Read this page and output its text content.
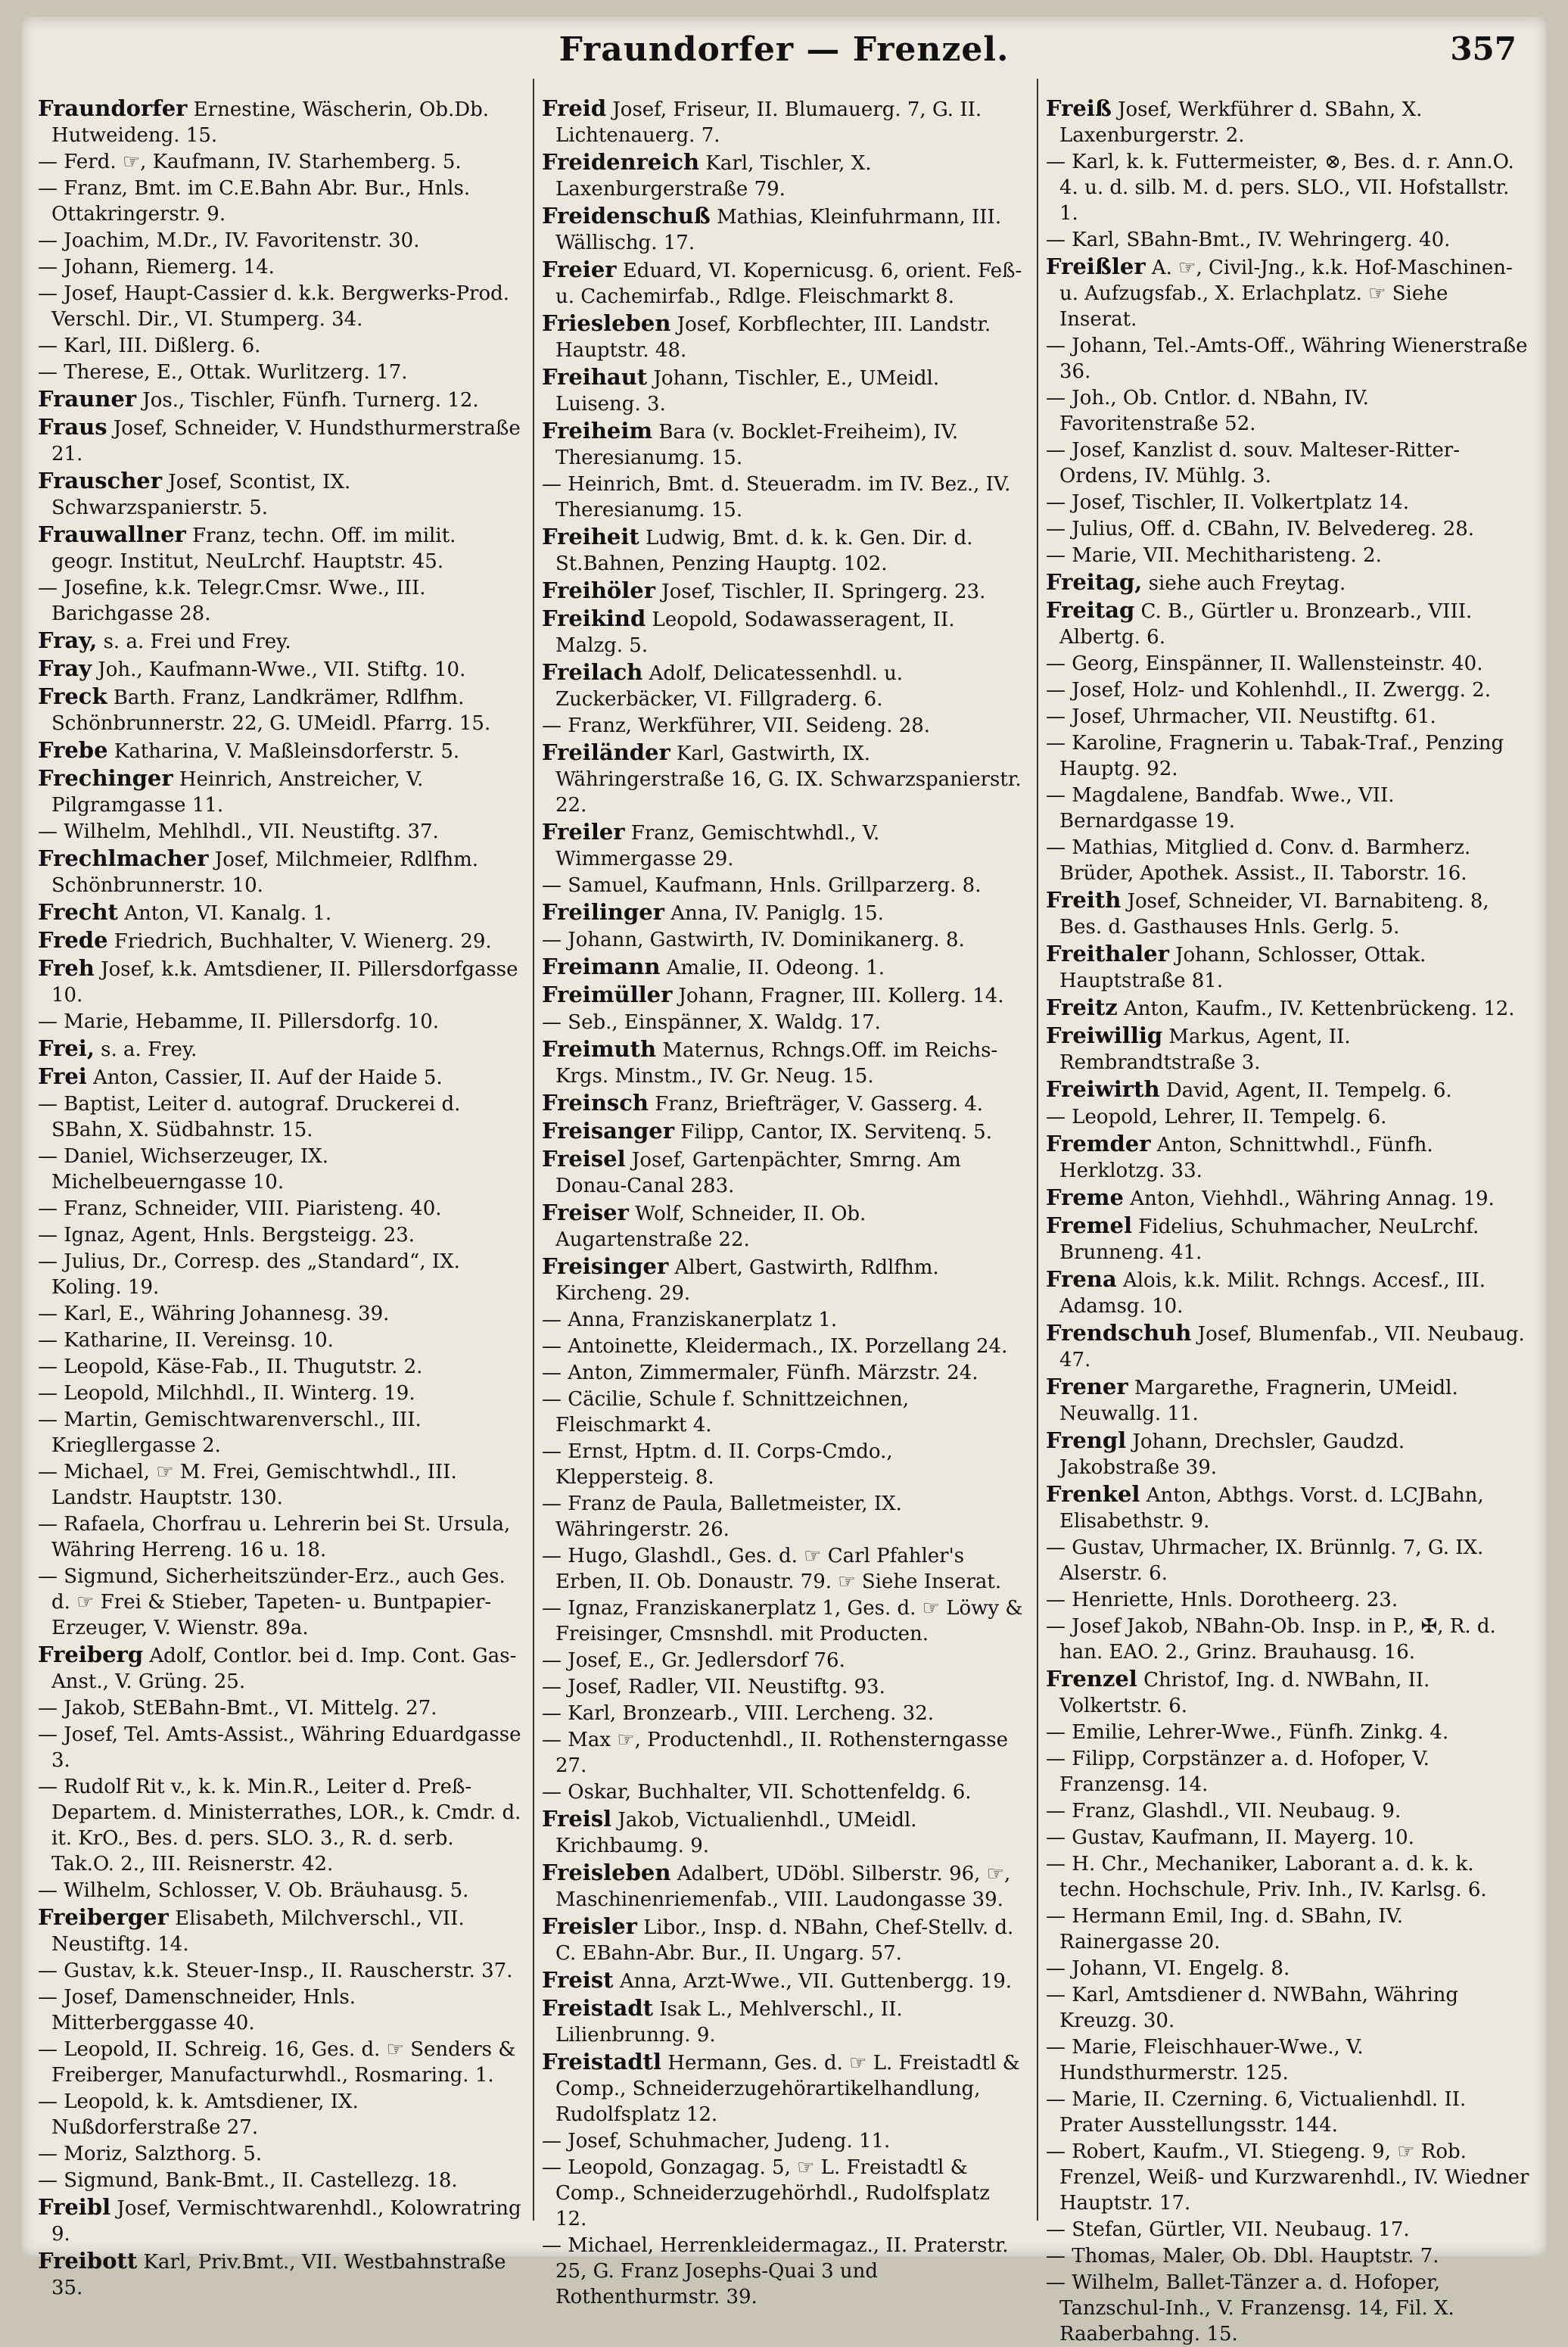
Fraundorfer — Frenzel.	357
Fraundorfer Ernestine, Wäscherin, Ob.Db. Hutweideng. 15.
— Ferd. ☞, Kaufmann, IV. Starhemberg. 5.
— Franz, Bmt. im C.E.Bahn Abr. Bur., Hnls. Ottakringerstr. 9.
— Joachim, M.Dr., IV. Favoritenstr. 30.
— Johann, Riemerg. 14.
— Josef, Haupt-Cassier d. k.k. Bergwerks-Prod. Verschl. Dir., VI. Stumperg. 34.
— Karl, III. Dißlerg. 6.
— Therese, E., Ottak. Wurlitzerg. 17.
Frauner Jos., Tischler, Fünfh. Turnerg. 12.
Fraus Josef, Schneider, V. Hundsthurmerstraße 21.
Frauscher Josef, Scontist, IX. Schwarzspanierstr. 5.
Frauwallner Franz, techn. Off. im milit. geogr. Institut, NeuLrchf. Hauptstr. 45.
— Josefine, k.k. Telegr.Cmsr. Wwe., III. Barichgasse 28.
Fray, s. a. Frei und Frey.
Fray Joh., Kaufmann-Wwe., VII. Stiftg. 10.
Freck Barth. Franz, Landkrämer, Rdlfhm. Schönbrunnerstr. 22, G. UMeidl. Pfarrg. 15.
Frebe Katharina, V. Maßleinsdorferstr. 5.
Frechinger Heinrich, Anstreicher, V. Pilgramgasse 11.
— Wilhelm, Mehlhdl., VII. Neustiftg. 37.
Frechlmacher Josef, Milchmeier, Rdlfhm. Schönbrunnerstr. 10.
Frecht Anton, VI. Kanalg. 1.
Frede Friedrich, Buchhalter, V. Wienerg. 29.
Freh Josef, k.k. Amtsdiener, II. Pillersdorfgasse 10.
— Marie, Hebamme, II. Pillersdorfg. 10.
Frei, s. a. Frey.
Frei Anton, Cassier, II. Auf der Haide 5.
— Baptist, Leiter d. autograf. Druckerei d. SBahn, X. Südbahnstr. 15.
— Daniel, Wichserzeuger, IX. Michelbeuerngasse 10.
— Franz, Schneider, VIII. Piaristeng. 40.
— Ignaz, Agent, Hnls. Bergsteigg. 23.
— Julius, Dr., Corresp. des „Standard“, IX. Koling. 19.
— Karl, E., Währing Johannesg. 39.
— Katharine, II. Vereinsg. 10.
— Leopold, Käse-Fab., II. Thugutstr. 2.
— Leopold, Milchhdl., II. Winterg. 19.
— Martin, Gemischtwarenverschl., III. Kriegllergasse 2.
— Michael, ☞ M. Frei, Gemischtwhdl., III. Landstr. Hauptstr. 130.
— Rafaela, Chorfrau u. Lehrerin bei St. Ursula, Währing Herreng. 16 u. 18.
— Sigmund, Sicherheitszünder-Erz., auch Ges. d. ☞ Frei & Stieber, Tapeten- u. Buntpapier-Erzeuger, V. Wienstr. 89a.
Freiberg Adolf, Contlor. bei d. Imp. Cont. Gas-Anst., V. Grüng. 25.
— Jakob, StEBahn-Bmt., VI. Mittelg. 27.
— Josef, Tel. Amts-Assist., Währing Eduardgasse 3.
— Rudolf Rit v., k. k. Min.R., Leiter d. Preß-Departem. d. Ministerrathes, LOR., k. Cmdr. d. it. KrO., Bes. d. pers. SLO. 3., R. d. serb. Tak.O. 2., III. Reisnerstr. 42.
— Wilhelm, Schlosser, V. Ob. Bräuhausg. 5.
Freiberger Elisabeth, Milchverschl., VII. Neustiftg. 14.
— Gustav, k.k. Steuer-Insp., II. Rauscherstr. 37.
— Josef, Damenschneider, Hnls. Mitterberggasse 40.
— Leopold, II. Schreig. 16, Ges. d. ☞ Senders & Freiberger, Manufacturwhdl., Rosmaring. 1.
— Leopold, k. k. Amtsdiener, IX. Nußdorferstraße 27.
— Moriz, Salzthorg. 5.
— Sigmund, Bank-Bmt., II. Castellezg. 18.
Freibl Josef, Vermischtwarenhdl., Kolowratring 9.
Freibott Karl, Priv.Bmt., VII. Westbahnstraße 35.
Freid Josef, Friseur, II. Blumauerg. 7, G. II. Lichtenauerg. 7.
Freidenreich Karl, Tischler, X. Laxenburgerstraße 79.
Freidenschuß Mathias, Kleinfuhrmann, III. Wällischg. 17.
Freier Eduard, VI. Kopernicusg. 6, orient. Feß-u. Cachemirfab., Rdlge. Fleischmarkt 8.
Friesleben Josef, Korbflechter, III. Landstr. Hauptstr. 48.
Freihaut Johann, Tischler, E., UMeidl. Luiseng. 3.
Freiheim Bara (v. Bocklet-Freiheim), IV. Theresianumg. 15.
— Heinrich, Bmt. d. Steueradm. im IV. Bez., IV. Theresianumg. 15.
Freiheit Ludwig, Bmt. d. k. k. Gen. Dir. d. St.Bahnen, Penzing Hauptg. 102.
Freihöler Josef, Tischler, II. Springerg. 23.
Freikind Leopold, Sodawasseragent, II. Malzg. 5.
Freilach Adolf, Delicatessenhdl. u. Zuckerbäcker, VI. Fillgraderg. 6.
— Franz, Werkführer, VII. Seideng. 28.
Freiländer Karl, Gastwirth, IX. Währingerstraße 16, G. IX. Schwarzspanierstr. 22.
Freiler Franz, Gemischtwhdl., V. Wimmergasse 29.
— Samuel, Kaufmann, Hnls. Grillparzerg. 8.
Freilinger Anna, IV. Paniglg. 15.
— Johann, Gastwirth, IV. Dominikanerg. 8.
Freimann Amalie, II. Odeong. 1.
Freimüller Johann, Fragner, III. Kollerg. 14.
— Seb., Einspänner, X. Waldg. 17.
Freimuth Maternus, Rchngs.Off. im Reichs-Krgs. Minstm., IV. Gr. Neug. 15.
Freinsch Franz, Briefträger, V. Gasserg. 4.
Freisanger Filipp, Cantor, IX. Servitenq. 5.
Freisel Josef, Gartenpächter, Smrng. Am Donau-Canal 283.
Freiser Wolf, Schneider, II. Ob. Augartenstraße 22.
Freisinger Albert, Gastwirth, Rdlfhm. Kircheng. 29.
— Anna, Franziskanerplatz 1.
— Antoinette, Kleidermach., IX. Porzellang 24.
— Anton, Zimmermaler, Fünfh. Märzstr. 24.
— Cäcilie, Schule f. Schnittzeichnen, Fleischmarkt 4.
— Ernst, Hptm. d. II. Corps-Cmdo., Kleppersteig. 8.
— Franz de Paula, Balletmeister, IX. Währingerstr. 26.
— Hugo, Glashdl., Ges. d. ☞ Carl Pfahler's Erben, II. Ob. Donaustr. 79. ☞ Siehe Inserat.
— Ignaz, Franziskanerplatz 1, Ges. d. ☞ Löwy & Freisinger, Cmsnshdl. mit Producten.
— Josef, E., Gr. Jedlersdorf 76.
— Josef, Radler, VII. Neustiftg. 93.
— Karl, Bronzearb., VIII. Lercheng. 32.
— Max ☞, Productenhdl., II. Rothensterngasse 27.
— Oskar, Buchhalter, VII. Schottenfeldg. 6.
Freisl Jakob, Victualienhdl., UMeidl. Krichbaumg. 9.
Freisleben Adalbert, UDöbl. Silberstr. 96, ☞, Maschinenriemenfab., VIII. Laudongasse 39.
Freisler Libor., Insp. d. NBahn, Chef-Stellv. d. C. EBahn-Abr. Bur., II. Ungarg. 57.
Freist Anna, Arzt-Wwe., VII. Guttenbergg. 19.
Freistadt Isak L., Mehlverschl., II. Lilienbrunng. 9.
Freistadtl Hermann, Ges. d. ☞ L. Freistadtl & Comp., Schneiderzugehörartikelhandlung, Rudolfsplatz 12.
— Josef, Schuhmacher, Judeng. 11.
— Leopold, Gonzagag. 5, ☞ L. Freistadtl & Comp., Schneiderzugehörhdl., Rudolfsplatz 12.
— Michael, Herrenkleidermagaz., II. Praterstr. 25, G. Franz Josephs-Quai 3 und Rothenthurmstr. 39.
Freiß Josef, Werkführer d. SBahn, X. Laxenburgerstr. 2.
— Karl, k. k. Futtermeister, ⊗, Bes. d. r. Ann.O. 4. u. d. silb. M. d. pers. SLO., VII. Hofstallstr. 1.
— Karl, SBahn-Bmt., IV. Wehringerg. 40.
Freißler A. ☞, Civil-Jng., k.k. Hof-Maschinen- u. Aufzugsfab., X. Erlachplatz. ☞ Siehe Inserat.
— Johann, Tel.-Amts-Off., Währing Wienerstraße 36.
— Joh., Ob. Cntlor. d. NBahn, IV. Favoritenstraße 52.
— Josef, Kanzlist d. souv. Malteser-Ritter-Ordens, IV. Mühlg. 3.
— Josef, Tischler, II. Volkertplatz 14.
— Julius, Off. d. CBahn, IV. Belvedereg. 28.
— Marie, VII. Mechitharisteng. 2.
Freitag, siehe auch Freytag.
Freitag C. B., Gürtler u. Bronzearb., VIII. Albertg. 6.
— Georg, Einspänner, II. Wallensteinstr. 40.
— Josef, Holz- und Kohlenhdl., II. Zwergg. 2.
— Josef, Uhrmacher, VII. Neustiftg. 61.
— Karoline, Fragnerin u. Tabak-Traf., Penzing Hauptg. 92.
— Magdalene, Bandfab. Wwe., VII. Bernardgasse 19.
— Mathias, Mitglied d. Conv. d. Barmherz. Brüder, Apothek. Assist., II. Taborstr. 16.
Freith Josef, Schneider, VI. Barnabiteng. 8, Bes. d. Gasthauses Hnls. Gerlg. 5.
Freithaler Johann, Schlosser, Ottak. Hauptstraße 81.
Freitz Anton, Kaufm., IV. Kettenbrückeng. 12.
Freiwillig Markus, Agent, II. Rembrandtstraße 3.
Freiwirth David, Agent, II. Tempelg. 6.
— Leopold, Lehrer, II. Tempelg. 6.
Fremder Anton, Schnittwhdl., Fünfh. Herklotzg. 33.
Freme Anton, Viehhdl., Währing Annag. 19.
Fremel Fidelius, Schuhmacher, NeuLrchf. Brunneng. 41.
Frena Alois, k.k. Milit. Rchngs. Accesf., III. Adamsg. 10.
Frendschuh Josef, Blumenfab., VII. Neubaug. 47.
Frener Margarethe, Fragnerin, UMeidl. Neuwallg. 11.
Frengl Johann, Drechsler, Gaudzd. Jakobstraße 39.
Frenkel Anton, Abthgs. Vorst. d. LCJBahn, Elisabethstr. 9.
— Gustav, Uhrmacher, IX. Brünnlg. 7, G. IX. Alserstr. 6.
— Henriette, Hnls. Dorotheerg. 23.
— Josef Jakob, NBahn-Ob. Insp. in P., ✠, R. d. han. EAO. 2., Grinz. Brauhausg. 16.
Frenzel Christof, Ing. d. NWBahn, II. Volkertstr. 6.
— Emilie, Lehrer-Wwe., Fünfh. Zinkg. 4.
— Filipp, Corpstänzer a. d. Hofoper, V. Franzensg. 14.
— Franz, Glashdl., VII. Neubaug. 9.
— Gustav, Kaufmann, II. Mayerg. 10.
— H. Chr., Mechaniker, Laborant a. d. k. k. techn. Hochschule, Priv. Inh., IV. Karlsg. 6.
— Hermann Emil, Ing. d. SBahn, IV. Rainergasse 20.
— Johann, VI. Engelg. 8.
— Karl, Amtsdiener d. NWBahn, Währing Kreuzg. 30.
— Marie, Fleischhauer-Wwe., V. Hundsthurmerstr. 125.
— Marie, II. Czerning. 6, Victualienhdl. II. Prater Ausstellungsstr. 144.
— Robert, Kaufm., VI. Stiegeng. 9, ☞ Rob. Frenzel, Weiß- und Kurzwarenhdl., IV. Wiedner Hauptstr. 17.
— Stefan, Gürtler, VII. Neubaug. 17.
— Thomas, Maler, Ob. Dbl. Hauptstr. 7.
— Wilhelm, Ballet-Tänzer a. d. Hofoper, Tanzschul-Inh., V. Franzensg. 14, Fil. X. Raaberbahng. 15.
